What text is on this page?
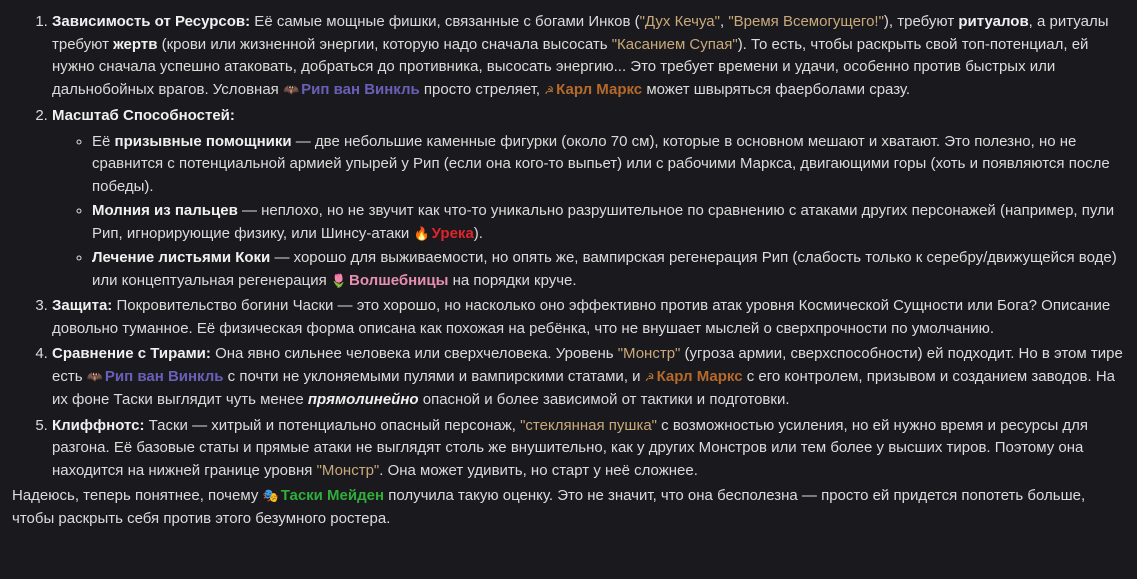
1. Зависимость от Ресурсов: Её самые мощные фишки, связанные с богами Инков ("Дух Кечуа", "Время Всемогущего!"), требуют ритуалов, а ритуалы требуют жертв (крови или жизненной энергии, которую надо сначала высосать "Касанием Супая"). То есть, чтобы раскрыть свой топ-потенциал, ей нужно сначала успешно атаковать, добраться до противника, высосать энергию... Это требует времени и удачи, особенно против быстрых или дальнобойных врагов. Условная 🦇 Рип ван Винкль просто стреляет, ☭ Карл Маркс может швыряться фаерболами сразу.
2. Масштаб Способностей:
◦ Её призывные помощники — две небольшие каменные фигурки (около 70 см), которые в основном мешают и хватают. Это полезно, но не сравнится с потенциальной армией упырей у Рип (если она кого-то выпьет) или с рабочими Маркса, двигающими горы (хоть и появляются после победы).
◦ Молния из пальцев — неплохо, но не звучит как что-то уникально разрушительное по сравнению с атаками других персонажей (например, пули Рип, игнорирующие физику, или Шинсу-атаки 🔥 Урека).
◦ Лечение листьями Коки — хорошо для выживаемости, но опять же, вампирская регенерация Рип (слабость только к серебру/движущейся воде) или концептуальная регенерация 🌷 Волшебницы на порядки круче.
3. Защита: Покровительство богини Часки — это хорошо, но насколько оно эффективно против атак уровня Космической Сущности или Бога? Описание довольно туманное. Её физическая форма описана как похожая на ребёнка, что не внушает мыслей о сверхпрочности по умолчанию.
4. Сравнение с Тирами: Она явно сильнее человека или сверхчеловека. Уровень "Монстр" (угроза армии, сверхспособности) ей подходит. Но в этом тире есть 🦇 Рип ван Винкль с почти не уклоняемыми пулями и вампирскими статами, и ☭ Карл Маркс с его контролем, призывом и созданием заводов. На их фоне Таски выглядит чуть менее прямолинейно опасной и более зависимой от тактики и подготовки.
5. Клиффнотс: Таски — хитрый и потенциально опасный персонаж, "стеклянная пушка" с возможностью усиления, но ей нужно время и ресурсы для разгона. Её базовые статы и прямые атаки не выглядят столь же внушительно, как у других Монстров или тем более у высших тиров. Поэтому она находится на нижней границе уровня "Монстр". Она может удивить, но старт у неё сложнее.

Надеюсь, теперь понятнее, почему 🎭 Таски Мейден получила такую оценку. Это не значит, что она бесполезна — просто ей придется попотеть больше, чтобы раскрыть себя против этого безумного ростера.
